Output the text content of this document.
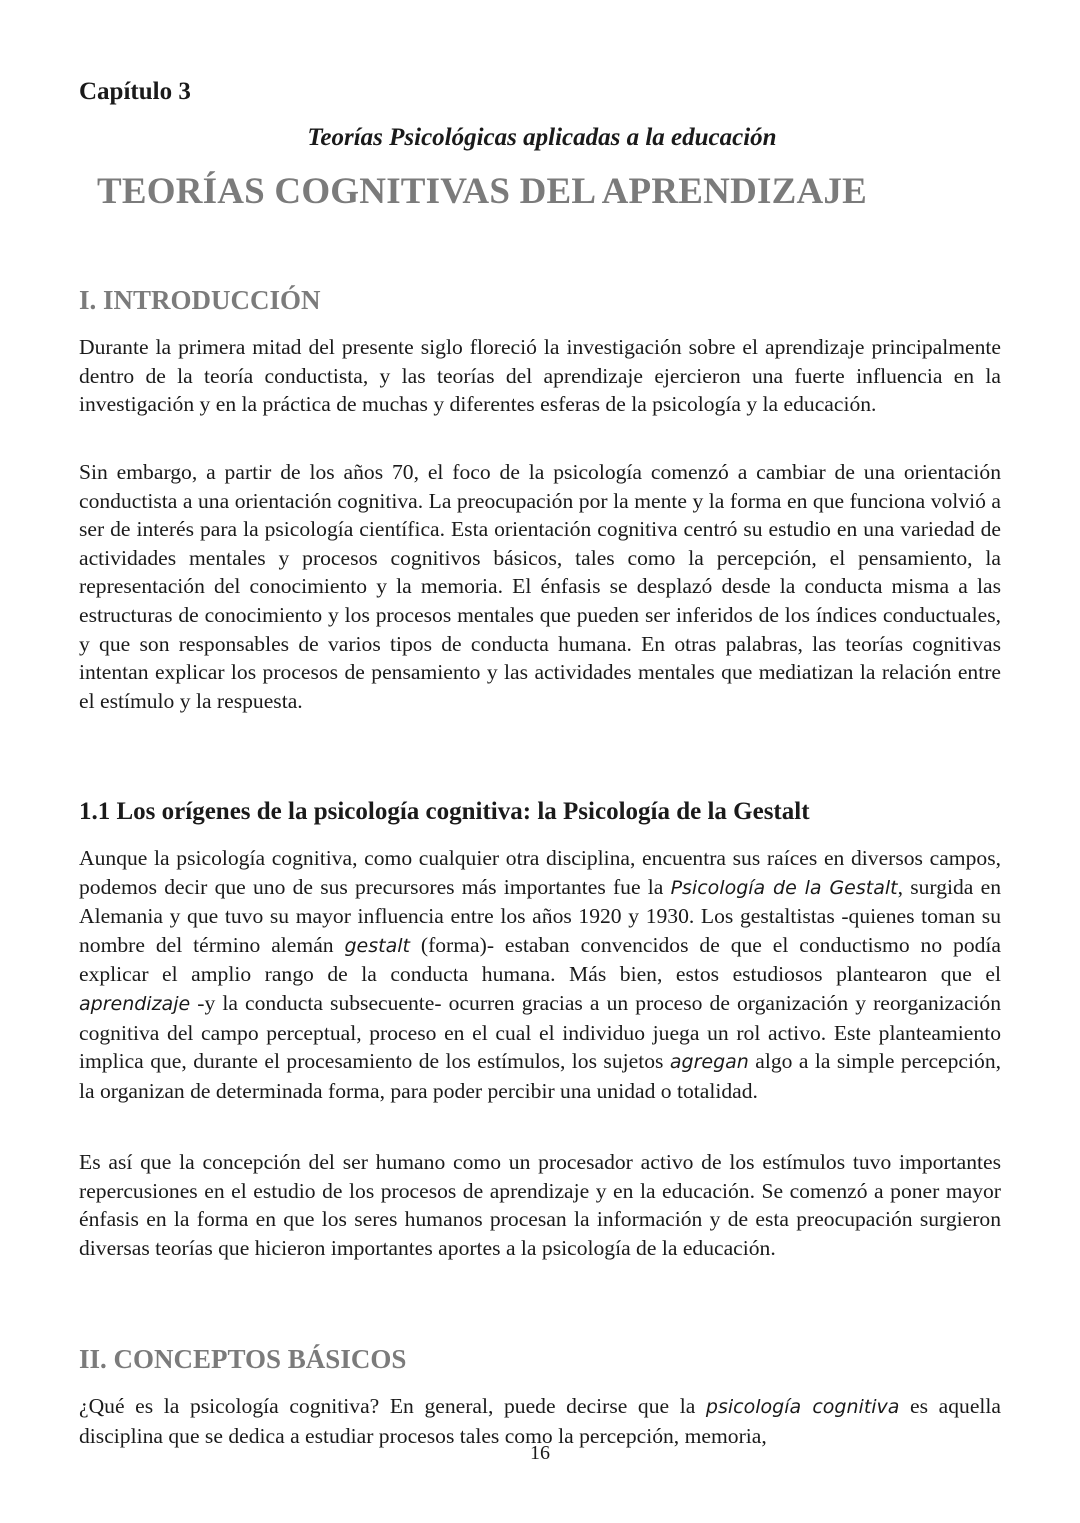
Capítulo 3
Teorías Psicológicas aplicadas a la educación
TEORÍAS COGNITIVAS DEL APRENDIZAJE
I. INTRODUCCIÓN

Durante la primera mitad del presente siglo floreció la investigación sobre el aprendizaje principalmente dentro de la teoría conductista, y las teorías del aprendizaje ejercieron una fuerte influencia en la investigación y en la práctica de muchas y diferentes esferas de la psicología y la educación.

Sin embargo, a partir de los años 70, el foco de la psicología comenzó a cambiar de una orientación conductista a una orientación cognitiva. La preocupación por la mente y la forma en que funciona volvió a ser de interés para la psicología científica. Esta orientación cognitiva centró su estudio en una variedad de actividades mentales y procesos cognitivos básicos, tales como la percepción, el pensamiento, la representación del conocimiento y la memoria. El énfasis se desplazó desde la conducta misma a las estructuras de conocimiento y los procesos mentales que pueden ser inferidos de los índices conductuales, y que son responsables de varios tipos de conducta humana. En otras palabras, las teorías cognitivas intentan explicar los procesos de pensamiento y las actividades mentales que mediatizan la relación entre el estímulo y la respuesta.

1.1 Los orígenes de la psicología cognitiva: la Psicología de la Gestalt

Aunque la psicología cognitiva, como cualquier otra disciplina, encuentra sus raíces en diversos campos, podemos decir que uno de sus precursores más importantes fue la Psicología de la Gestalt, surgida en Alemania y que tuvo su mayor influencia entre los años 1920 y 1930. Los gestaltistas -quienes toman su nombre del término alemán gestalt (forma)- estaban convencidos de que el conductismo no podía explicar el amplio rango de la conducta humana. Más bien, estos estudiosos plantearon que el aprendizaje -y la conducta subsecuente- ocurren gracias a un proceso de organización y reorganización cognitiva del campo perceptual, proceso en el cual el individuo juega un rol activo. Este planteamiento implica que, durante el procesamiento de los estímulos, los sujetos agregan algo a la simple percepción, la organizan de determinada forma, para poder percibir una unidad o totalidad.

Es así que la concepción del ser humano como un procesador activo de los estímulos tuvo importantes repercusiones en el estudio de los procesos de aprendizaje y en la educación. Se comenzó a poner mayor énfasis en la forma en que los seres humanos procesan la información y de esta preocupación surgieron diversas teorías que hicieron importantes aportes a la psicología de la educación.

II. CONCEPTOS BÁSICOS

¿Qué es la psicología cognitiva? En general, puede decirse que la psicología cognitiva es aquella disciplina que se dedica a estudiar procesos tales como la percepción, memoria,

16
